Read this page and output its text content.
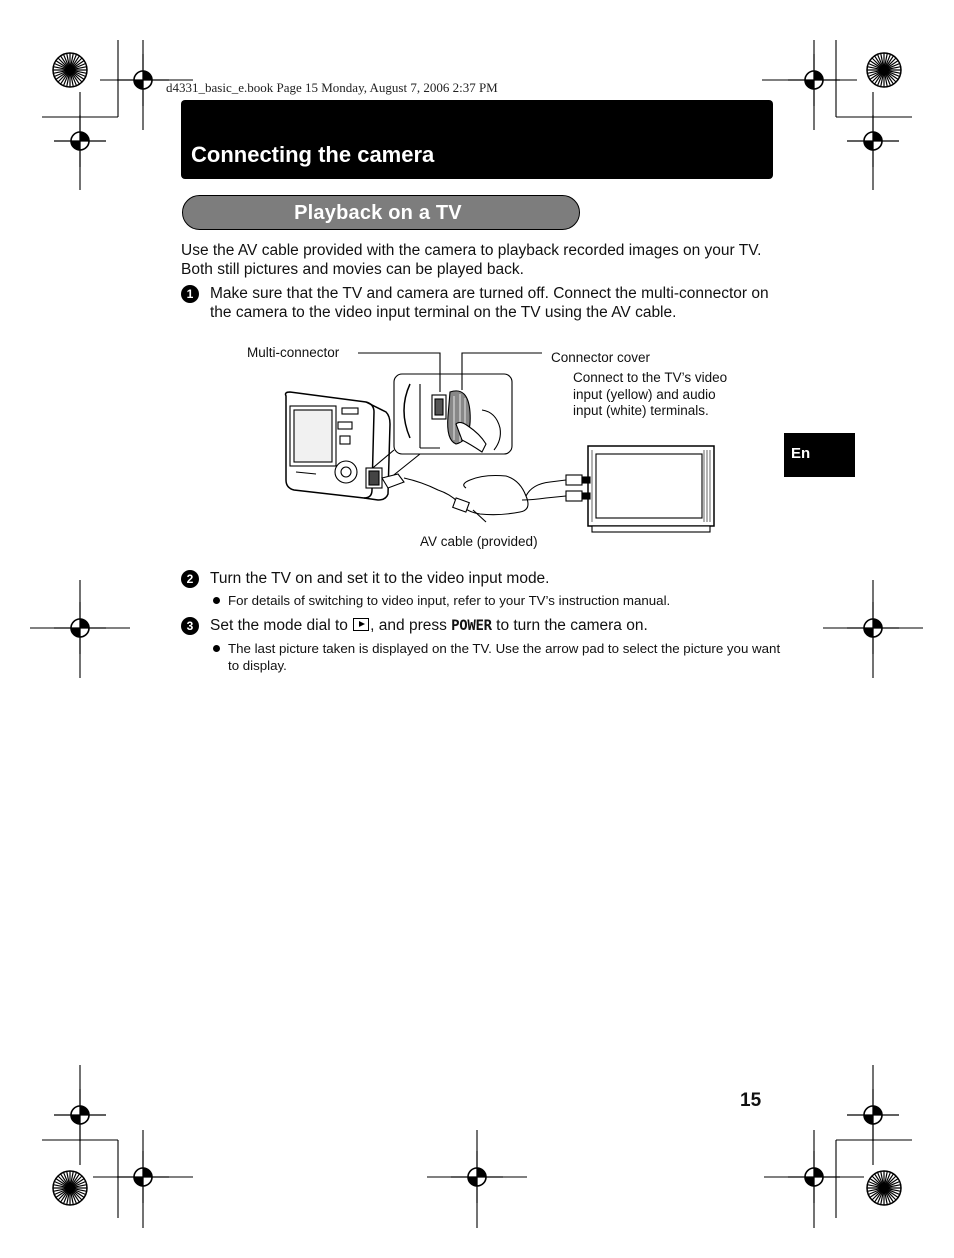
d4331_basic_e.book Page 15 Monday, August 7, 2006 2:37 PM
Connecting the camera
Playback on a TV
Use the AV cable provided with the camera to playback recorded images on your TV. Both still pictures and movies can be played back.
1	Make sure that the TV and camera are turned off. Connect the multi-connector on the camera to the video input terminal on the TV using the AV cable.
Multi-connector	Connector cover
Connect to the TV’s video
input (yellow) and audio
input (white) terminals.
AV cable (provided)
2	Turn the TV on and set it to the video input mode.
For details of switching to video input, refer to your TV’s instruction manual.
3	Set the mode dial to , and press POWER to turn the camera on.
The last picture taken is displayed on the TV. Use the arrow pad to select the picture you want to display.
En
15
